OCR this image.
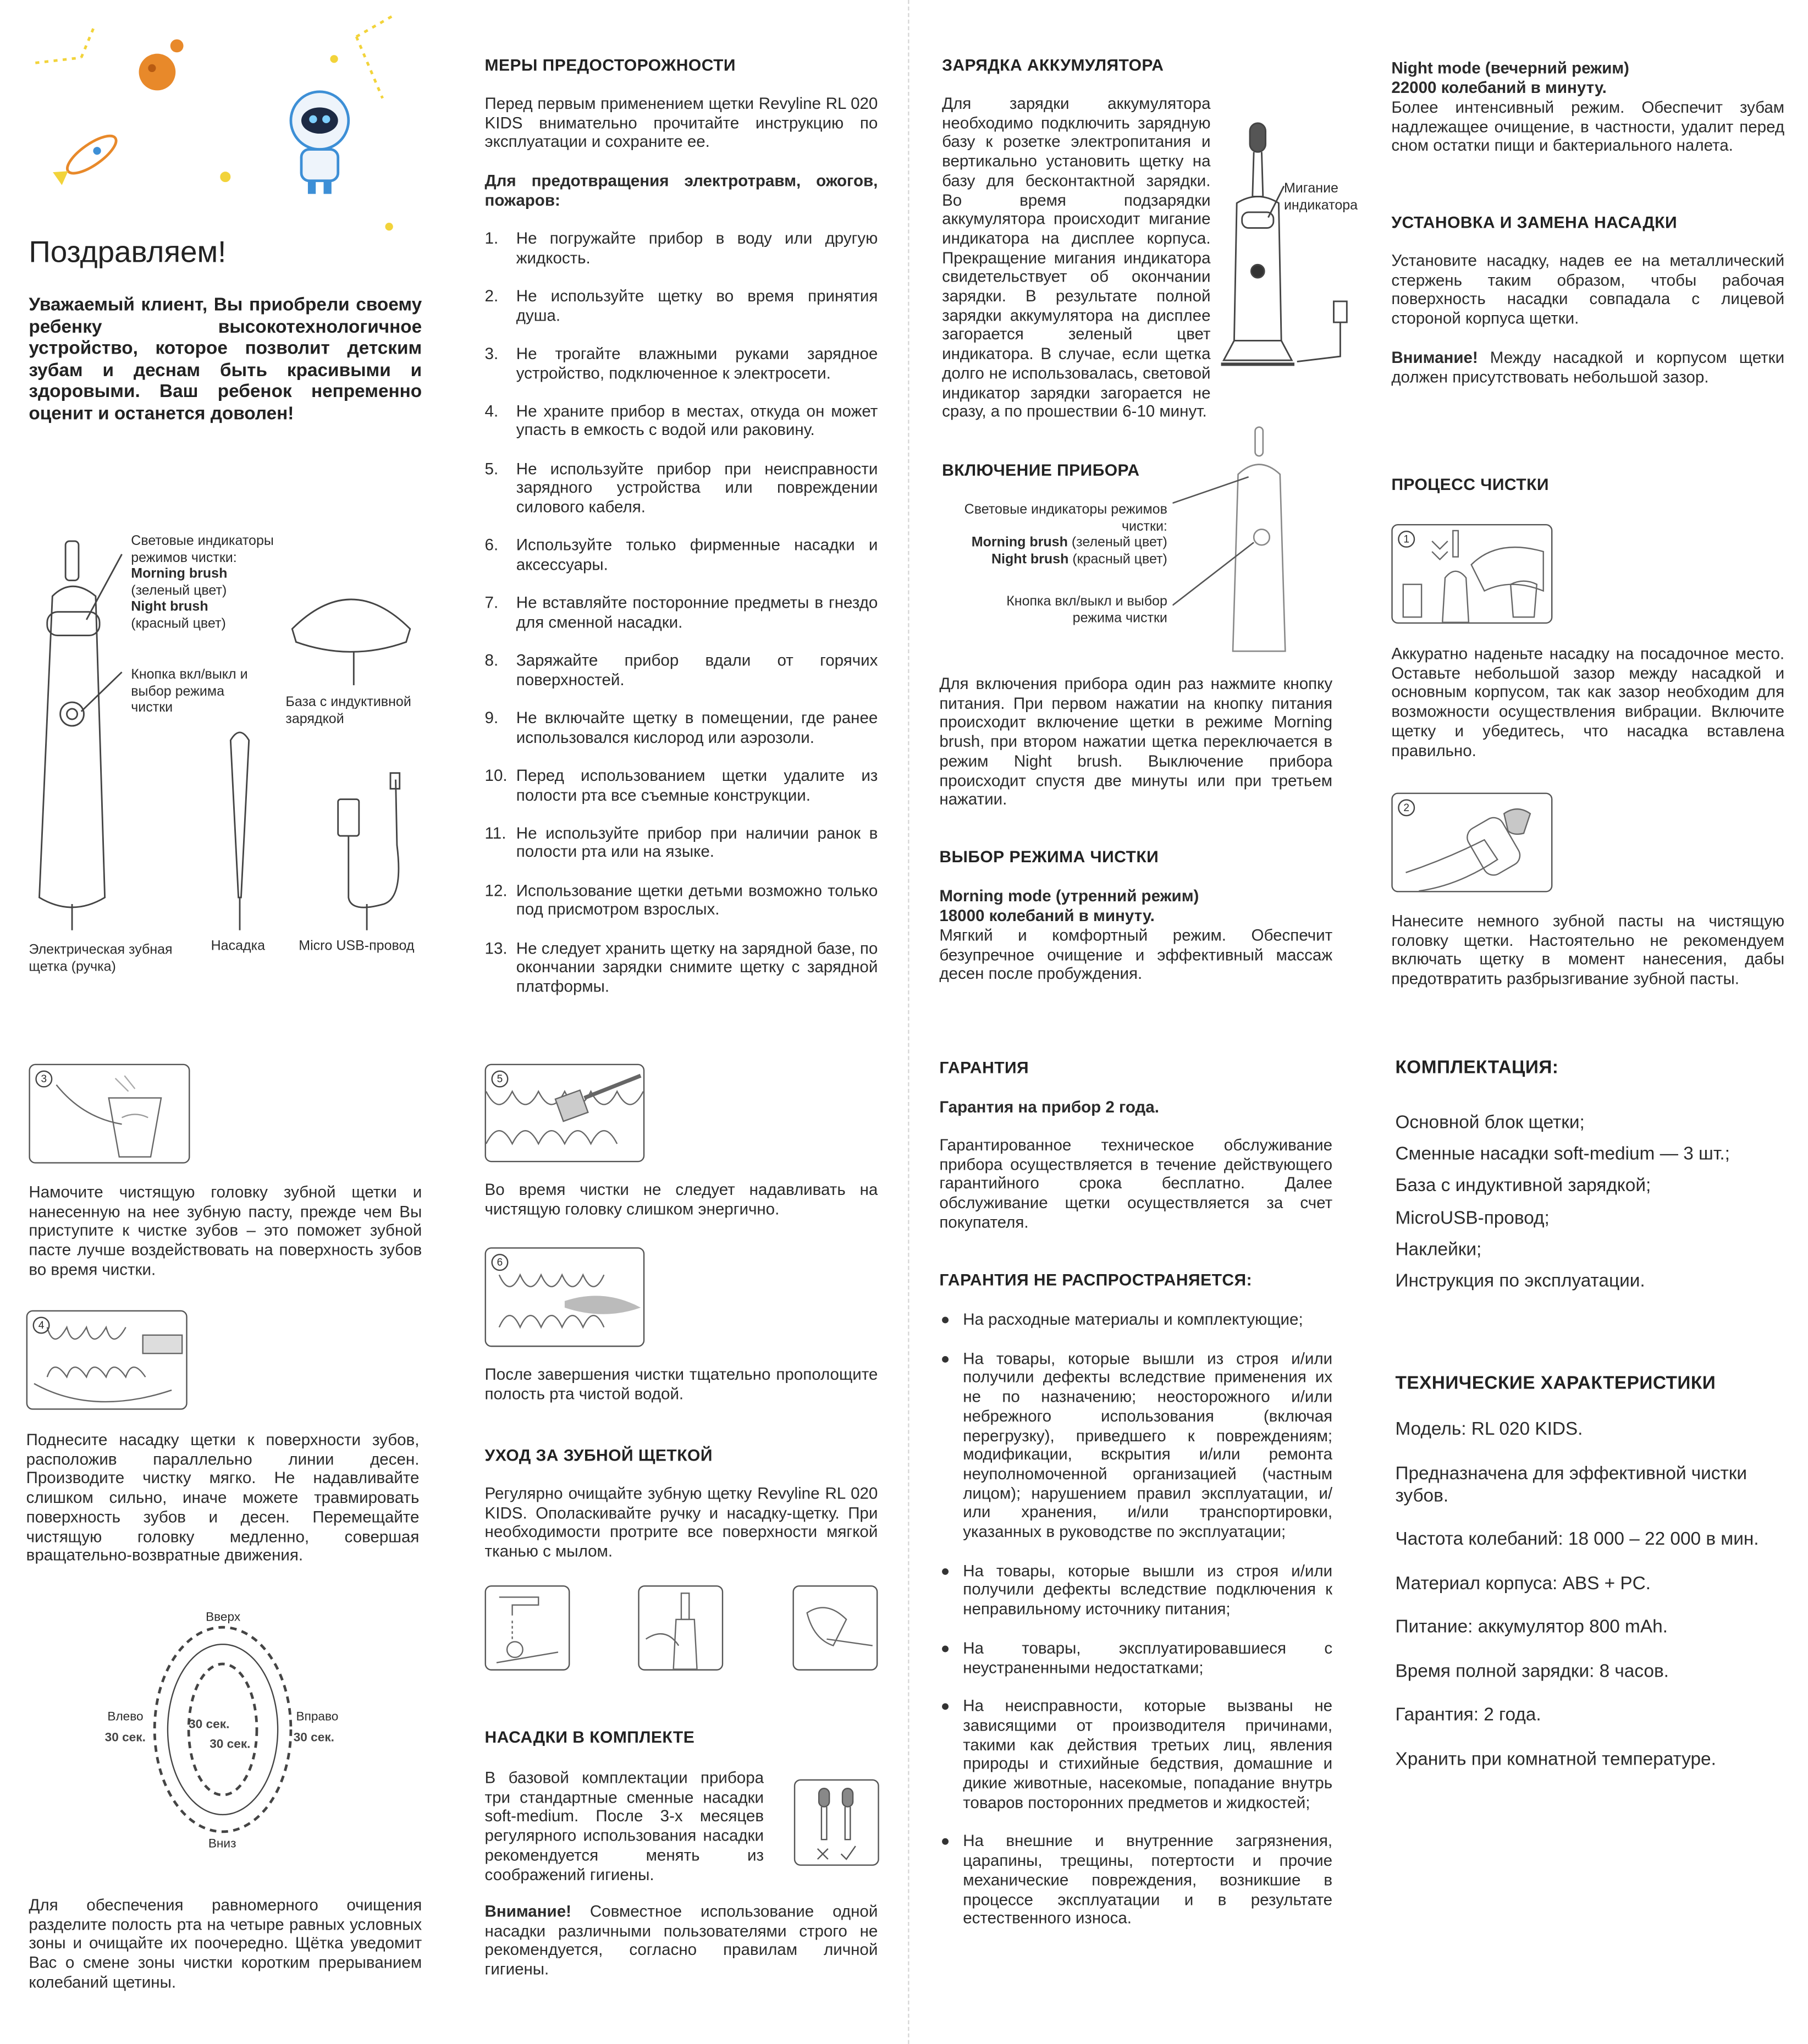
Поздравляем!
Уважаемый клиент, Вы приобрели своему ребенку высокотехнологичное устройство, которое позволит детским зубам и деснам быть красивыми и здоровыми. Ваш ребенок непременно оценит и останется доволен!
Световые индикаторы режимов чистки:
Morning brush
(зеленый цвет)
Night brush
(красный цвет)
Кнопка вкл/выкл и выбор режима чистки	База с индуктивной зарядкой
Электрическая зубная щетка (ручка)
Насадка	Micro USB-провод
МЕРЫ ПРЕДОСТОРОЖНОСТИ
Перед первым применением щетки Revyline RL 020 KIDS внимательно прочитайте инструкцию по эксплуатации и сохраните ее.
Для предотвращения электротравм, ожогов, пожаров:
1.	Не погружайте прибор в воду или другую жидкость.
2.	Не используйте щетку во время принятия душа.
3.	Не трогайте влажными руками зарядное устройство, подключенное к электросети.
4.	Не храните прибор в местах, откуда он может упасть в емкость с водой или раковину.
5.	Не используйте прибор при неисправности зарядного устройства или повреждении силового кабеля.
6.	Используйте только фирменные насадки и аксессуары.
7.	Не вставляйте посторонние предметы в гнездо для сменной насадки.
8.	Заряжайте прибор вдали от горячих поверхностей.
9.	Не включайте щетку в помещении, где ранее использовался кислород или аэрозоли.
10. Перед использованием щетки удалите из полости рта все съемные конструкции.
11. Не используйте прибор при наличии ранок в полости рта или на языке.
12. Использование щетки детьми возможно только под присмотром взрослых.
13. Не следует хранить щетку на зарядной базе, по окончании зарядки снимите щетку с зарядной платформы.
ЗАРЯДКА АККУМУЛЯТОРА
Для зарядки аккумулятора необходимо подключить зарядную базу к розетке электропитания и вертикально установить щетку на базу для бесконтактной зарядки. Во время подзарядки аккумулятора происходит мигание индикатора на дисплее корпуса. Прекращение мигания индикатора свидетельствует об окончании зарядки. В результате полной зарядки аккумулятора на дисплее загорается зеленый цвет индикатора. В случае, если щетка долго не использовалась, световой индикатор зарядки загорается не сразу, а по прошествии 6-10 минут.
Мигание индикатора
ВКЛЮЧЕНИЕ ПРИБОРА
Световые индикаторы режимов чистки:
Morning brush (зеленый цвет)
Night brush (красный цвет)
Кнопка вкл/выкл и выбор режима чистки
Для включения прибора один раз нажмите кнопку питания. При первом нажатии на кнопку питания происходит включение щетки в режиме Morning brush, при втором нажатии щетка переключается в режим Night brush. Выключение прибора происходит спустя две минуты или при третьем нажатии.
ВЫБОР РЕЖИМА ЧИСТКИ
Morning mode (утренний режим)
18000 колебаний в минуту.
Мягкий и комфортный режим. Обеспечит безупречное очищение и эффективный массаж десен после пробуждения.
Night mode (вечерний режим)
22000 колебаний в минуту.
Более интенсивный режим. Обеспечит зубам надлежащее очищение, в частности, удалит перед сном остатки пищи и бактериального налета.
УСТАНОВКА И ЗАМЕНА НАСАДКИ
Установите насадку, надев ее на металлический стержень таким образом, чтобы рабочая поверхность насадки совпадала с лицевой стороной корпуса щетки.
Внимание! Между насадкой и корпусом щетки должен присутствовать небольшой зазор.
ПРОЦЕСС ЧИСТКИ
1
Аккуратно наденьте насадку на посадочное место. Оставьте небольшой зазор между насадкой и основным корпусом, так как зазор необходим для возможности осуществления вибрации. Включите щетку и убедитесь, что насадка вставлена правильно.
2
Нанесите немного зубной пасты на чистящую головку щетки. Настоятельно не рекомендуем включать щетку в момент нанесения, дабы предотвратить разбрызгивание зубной пасты.
3
Намочите чистящую головку зубной щетки и нанесенную на нее зубную пасту, прежде чем Вы приступите к чистке зубов – это поможет зубной пасте лучше воздействовать на поверхность зубов во время чистки.
4
Поднесите насадку щетки к поверхности зубов, расположив параллельно линии десен. Производите чистку мягко. Не надавливайте слишком сильно, иначе можете травмировать поверхность зубов и десен. Перемещайте чистящую головку медленно, совершая вращательно-возвратные движения.
Вверх
Вниз
Влево
30 сек.
Вправо
30 сек.
30 сек.
30 сек.
Для обеспечения равномерного очищения разделите полость рта на четыре равных условных зоны и очищайте их поочередно. Щётка уведомит Вас о смене зоны чистки коротким прерыванием колебаний щетины.
5
Во время чистки не следует надавливать на чистящую головку слишком энергично.
6
После завершения чистки тщательно прополощите полость рта чистой водой.
УХОД ЗА ЗУБНОЙ ЩЕТКОЙ
Регулярно очищайте зубную щетку Revyline RL 020 KIDS. Ополаскивайте ручку и насадку-щетку. При необходимости протрите все поверхности мягкой тканью с мылом.
НАСАДКИ В КОМПЛЕКТЕ
В базовой комплектации прибора три стандартные сменные насадки soft-medium. После 3-х месяцев регулярного использования насадки рекомендуется менять из соображений гигиены.
Внимание! Совместное использование одной насадки различными пользователями строго не рекомендуется, согласно правилам личной гигиены.
ГАРАНТИЯ
Гарантия на прибор 2 года.
Гарантированное техническое обслуживание прибора осуществляется в течение действующего гарантийного срока бесплатно. Далее обслуживание щетки осуществляется за счет покупателя.
ГАРАНТИЯ НЕ РАСПРОСТРАНЯЕТСЯ:
На расходные материалы и комплектующие;
На товары, которые вышли из строя и/или получили дефекты вследствие применения их не по назначению; неосторожного и/или небрежного использования (включая перегрузку), приведшего к повреждениям; модификации, вскрытия и/или ремонта неуполномоченной организацией (частным лицом); нарушением правил эксплуатации, и/или хранения, и/или транспортировки, указанных в руководстве по эксплуатации;
На товары, которые вышли из строя и/или получили дефекты вследствие подключения к неправильному источнику питания;
На товары, эксплуатировавшиеся с неустраненными недостатками;
На неисправности, которые вызваны не зависящими от производителя причинами, такими как действия третьих лиц, явления природы и стихийные бедствия, домашние и дикие животные, насекомые, попадание внутрь товаров посторонних предметов и жидкостей;
На внешние и внутренние загрязнения, царапины, трещины, потертости и прочие механические повреждения, возникшие в процессе эксплуатации и в результате естественного износа.
КОМПЛЕКТАЦИЯ:
Основной блок щетки;
Сменные насадки soft-medium — 3 шт.;
База с индуктивной зарядкой;
MicroUSB-провод;
Наклейки;
Инструкция по эксплуатации.
ТЕХНИЧЕСКИЕ ХАРАКТЕРИСТИКИ
Модель: RL 020 KIDS.
Предназначена для эффективной чистки зубов.
Частота колебаний: 18 000 – 22 000 в мин.
Материал корпуса: ABS + PC.
Питание: аккумулятор 800 mAh.
Время полной зарядки: 8 часов.
Гарантия: 2 года.
Хранить при комнатной температуре.
